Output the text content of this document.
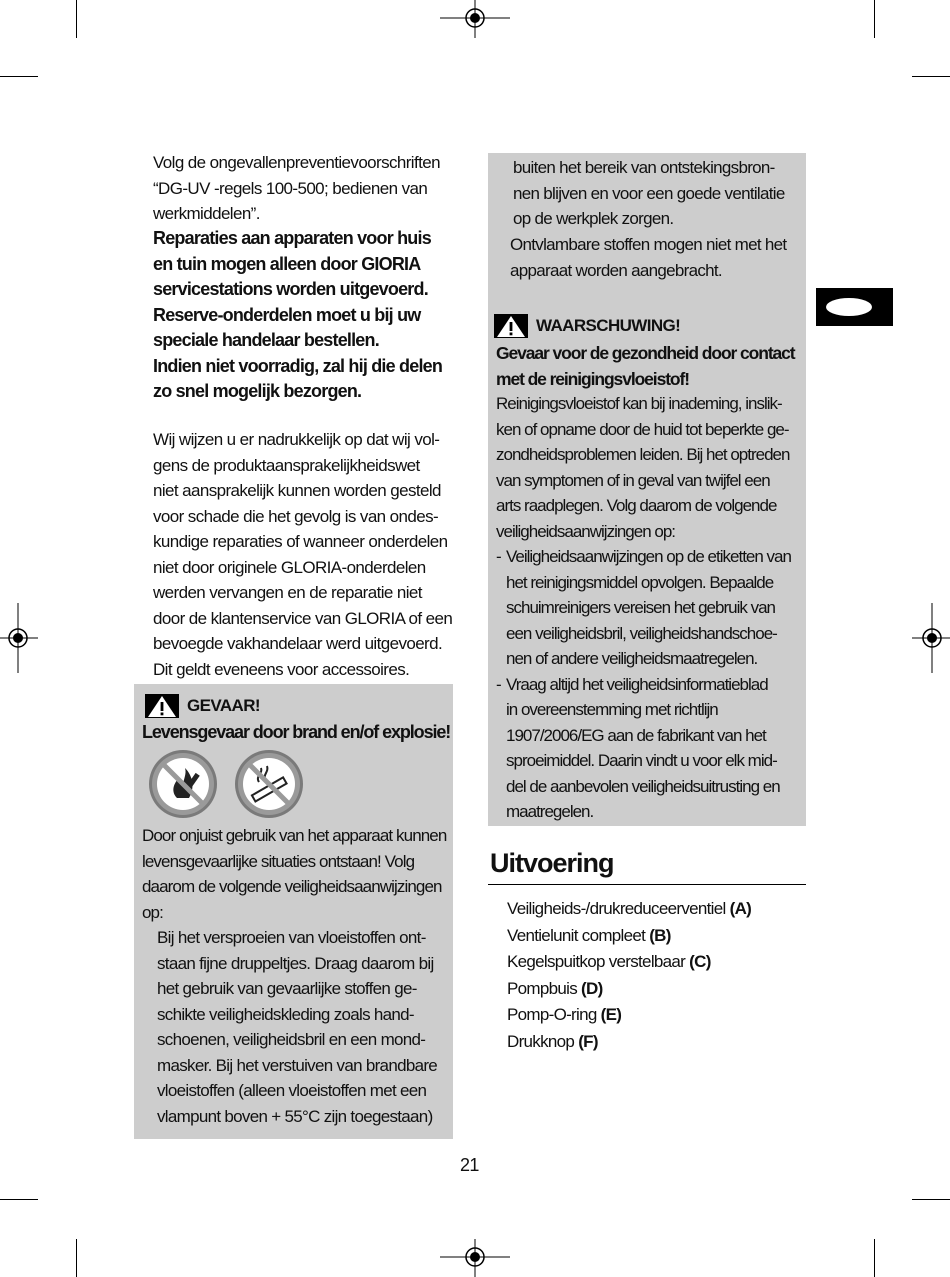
Volg de ongevallenpreventievoorschriften
“DG-UV -regels 100-500; bedienen van
werkmiddelen”.
Reparaties aan apparaten voor huis
en tuin mogen alleen door GIORIA
servicestations worden uitgevoerd.
Reserve-onderdelen moet u bij uw
speciale handelaar bestellen.
Indien niet voorradig, zal hij die delen
zo snel mogelijk bezorgen.
Wij wijzen u er nadrukkelijk op dat wij vol-
gens de produktaansprakelijkheidswet
niet aansprakelijk kunnen worden gesteld
voor schade die het gevolg is van ondes-
kundige reparaties of wanneer onderdelen
niet door originele GLORIA-onderdelen
werden vervangen en de reparatie niet
door de klantenservice van GLORIA of een
bevoegde vakhandelaar werd uitgevoerd.
Dit geldt eveneens voor accessoires.
GEVAAR!
Levensgevaar door brand en/of explosie!
Door onjuist gebruik van het apparaat kunnen
levensgevaarlijke situaties ontstaan! Volg
daarom de volgende veiligheidsaanwijzingen
op:
Bij het versproeien van vloeistoffen ont-
staan fijne druppeltjes. Draag daarom bij
het gebruik van gevaarlijke stoffen ge-
schikte veiligheidskleding zoals hand-
schoenen, veiligheidsbril en een mond-
masker. Bij het verstuiven van brandbare
vloeistoffen (alleen vloeistoffen met een
vlampunt boven + 55°C zijn toegestaan)
buiten het bereik van ontstekingsbron-
nen blijven en voor een goede ventilatie
op de werkplek zorgen.
Ontvlambare stoffen mogen niet met het
apparaat worden aangebracht.
WAARSCHUWING!
Gevaar voor de gezondheid door contact
met de reinigingsvloeistof!
Reinigingsvloeistof kan bij inademing, inslik-
ken of opname door de huid tot beperkte ge-
zondheidsproblemen leiden. Bij het optreden
van symptomen of in geval van twijfel een
arts raadplegen. Volg daarom de volgende
veiligheidsaanwijzingen op:
- Veiligheidsaanwijzingen op de etiketten van
het reinigingsmiddel opvolgen. Bepaalde
schuimreinigers vereisen het gebruik van
een veiligheidsbril, veiligheidshandschoe-
nen of andere veiligheidsmaatregelen.
- Vraag altijd het veiligheidsinformatieblad
in overeenstemming met richtlijn
1907/2006/EG aan de fabrikant van het
sproeimiddel. Daarin vindt u voor elk mid-
del de aanbevolen veiligheidsuitrusting en
maatregelen.
Uitvoering
Veiligheids-/drukreduceerventiel (A)
Ventielunit compleet (B)
Kegelspuitkop verstelbaar (C)
Pompbuis (D)
Pomp-O-ring (E)
Drukknop (F)
21
